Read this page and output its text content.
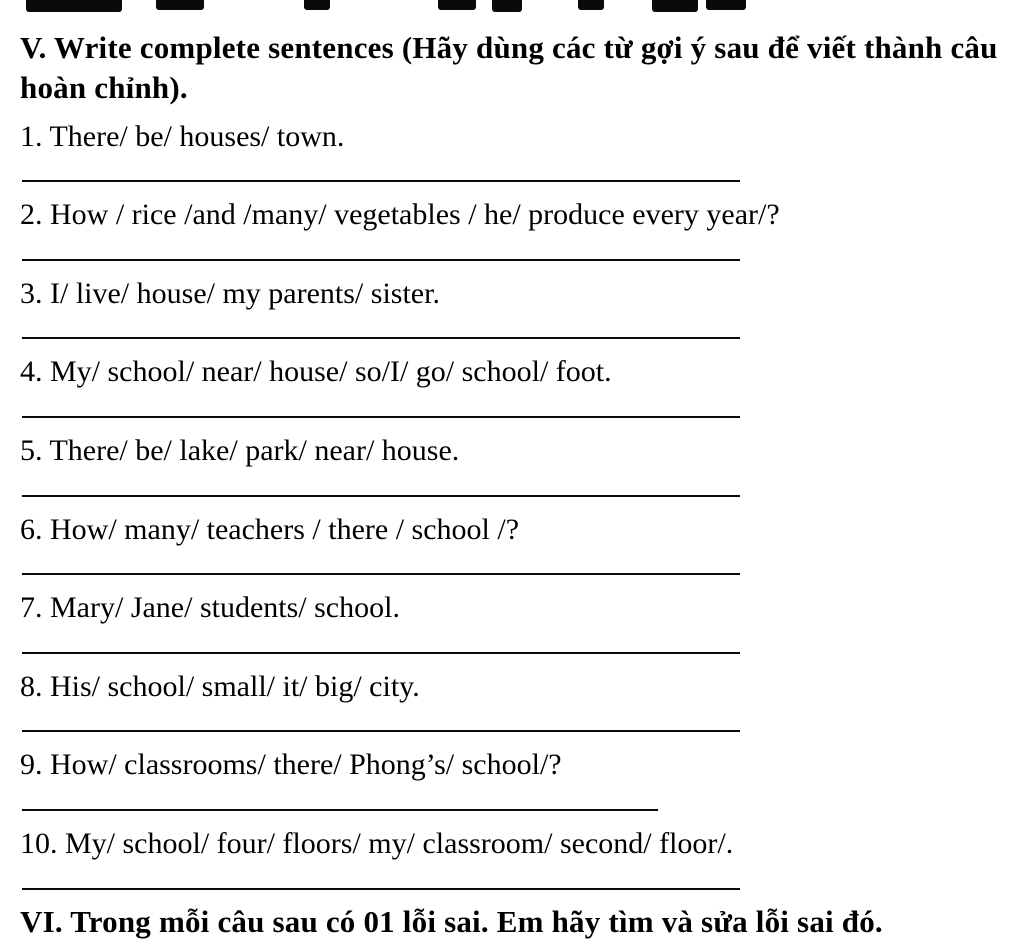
V. Write complete sentences (Hãy dùng các từ gợi ý sau để viết thành câu hoàn chỉnh).

1. There/ be/ houses/ town.

2. How / rice /and /many/ vegetables / he/ produce every year/?

3. I/ live/ house/ my parents/ sister.

4. My/ school/ near/ house/ so/I/ go/ school/ foot.

5. There/ be/ lake/ park/ near/ house.

6. How/ many/ teachers / there / school /?

7. Mary/ Jane/ students/ school.

8. His/ school/ small/ it/ big/ city.

9. How/ classrooms/ there/ Phong’s/ school/?

10. My/ school/ four/ floors/ my/ classroom/ second/ floor/.

VI. Trong mỗi câu sau có 01 lỗi sai. Em hãy tìm và sửa lỗi sai đó.
